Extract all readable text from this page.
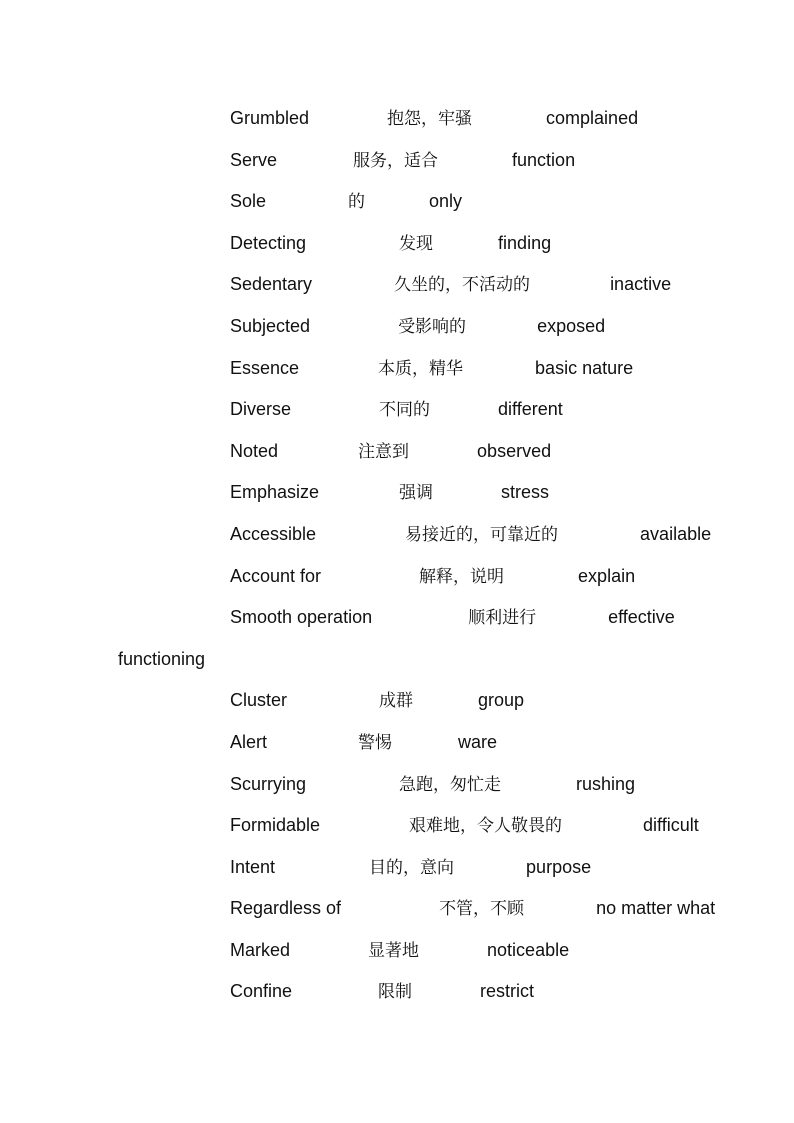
Grumbled	抱怨，牢骚	complained
Serve	服务，适合	function
Sole	的	only
Detecting	发现	finding
Sedentary	久坐的，不活动的	inactive
Subjected	受影响的	exposed
Essence	本质，精华	basic nature
Diverse	不同的	different
Noted	注意到	observed
Emphasize	强调	stress
Accessible	易接近的，可靠近的	available
Account for	解释，说明	explain
Smooth operation	顺利进行	effective
functioning
Cluster	成群	group
Alert	警惕	ware
Scurrying	急跑，匆忙走	rushing
Formidable	艰难地，令人敬畏的	difficult
Intent	目的，意向	purpose
Regardless of	不管，不顾	no matter what
Marked	显著地	noticeable
Confine	限制	restrict
